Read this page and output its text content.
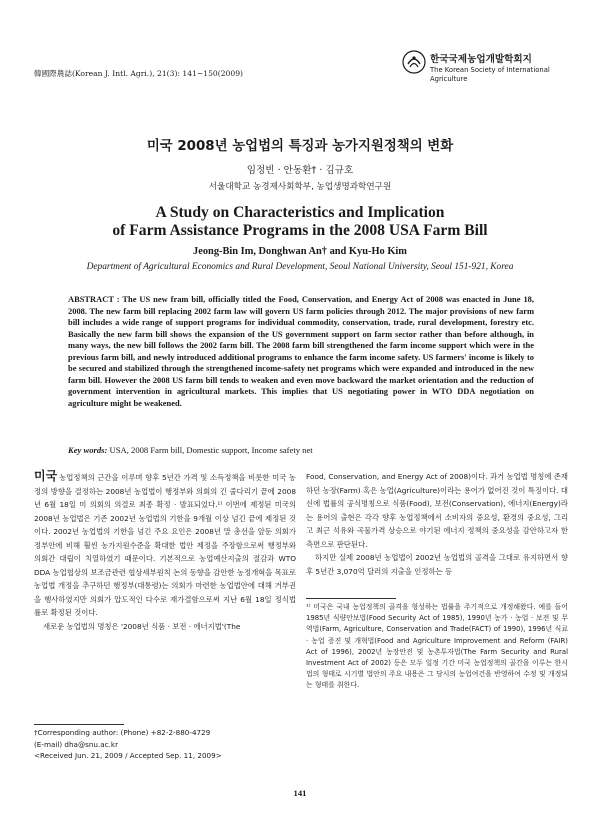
韓國際農誌(Korean J. Intl. Agri.), 21(3): 141~150(2009)
한국국제농업개발학회지
The Korean Society of International Agriculture
미국 2008년 농업법의 특징과 농가지원정책의 변화
임정빈 · 안동환† · 김규호
서울대학교 농경제사회학부, 농업생명과학연구원
A Study on Characteristics and Implication
of Farm Assistance Programs in the 2008 USA Farm Bill
Jeong-Bin Im, Donghwan An† and Kyu-Ho Kim
Department of Agricultural Economics and Rural Development, Seoul National University, Seoul 151-921, Korea
ABSTRACT : The US new fram bill, officially titled the Food, Conservation, and Energy Act of 2008 was enacted in June 18, 2008. The new farm bill replacing 2002 farm law will govern US farm policies through 2012. The major provisions of new farm bill includes a wide range of support programs for individual commodity, conservation, trade, rural development, forestry etc. Basically the new farm bill shows the expansion of the US government support on farm sector rather than before although, in many ways, the new bill follows the 2002 farm bill. The 2008 farm bill strengthened the farm income support which were in the previous farm bill, and newly introduced additional programs to enhance the farm income safety. US farmers' income is likely to be secured and stabilized through the strengthened income-safety net programs which were expanded and introduced in the new farm bill. However the 2008 US farm bill tends to weaken and even move backward the market orientation and the reduction of government intervention in agricultural markets. This implies that US negotiating power in WTO DDA negotiation on agriculture might be weakened.
Key words: USA, 2008 Farm bill, Domestic support, Income safety net

미국 농업정책의 근간을 이루며 향후 5년간 가격 및 소득정책을 비롯한 미국 농정의 방향을 결정하는 2008년 농업법이 행정부와 의회의 긴 줄다리기 끝에 2008년 6월 18일 미 의회의 의결로 최종 확정 · 발표되었다.¹⁾ 이번에 제정된 미국의 2008년 농업법은 기존 2002년 농업법의 기한을 9개월 이상 넘긴 끝에 제정된 것이다. 2002년 농업법의 기한을 넘긴 주요 요인은 2008년 말 총선을 앞둔 의회가 정부안에 비해 훨씬 농가지원수준을 확대한 법안 제정을 주장함으로써 행정부와 의회간 대립이 치열하였기 때문이다. 기본적으로 농업예산지출의 절감과 WTO DDA 농업협상의 보조금관련 협상세부원칙 논의 동향을 감안한 농정개혁을 목표로 농업법 개정을 추구하던 행정부(대통령)는 의회가 마련한 농업법안에 대해 거부권을 행사하였지만 의회가 압도적인 다수로 재가결함으로써 지난 6월 18일 정식법률로 확정된 것이다.

새로운 농업법의 명칭은 '2008년 식품 · 보전 · 에너지법'(The

Food, Conservation, and Energy Act of 2008)이다. 과거 농업법 명칭에 존재하던 농장(Farm) 혹은 농업(Agriculture)이라는 용어가 없어진 것이 특징이다. 대신에 법률의 공식명칭으로 식품(Food), 보전(Conservation), 에너지(Energy)라는 용어의 출현은 각각 향후 농업정책에서 소비자의 중요성, 환경의 중요성, 그리고 최근 석유와 곡물가격 상승으로 야기된 에너지 정책의 중요성을 감안하고자 한 측면으로 판단된다.

하지만 실제 2008년 농업법이 2002년 농업법의 골격을 그대로 유지하면서 향후 5년간 3,070억 달러의 지출을 인정하는 등

†Corresponding author: (Phone) +82-2-880-4729
(E-mail) dha@snu.ac.kr
<Received Jun. 21, 2009 / Accepted Sep. 11, 2009>
¹⁾ 미국은 국내 농업정책의 골격을 형성하는 법률을 주기적으로 개정해왔다. 예를 들어 1985년 식량안보법(Food Security Act of 1985), 1990년 농가 · 농업 · 보전 및 무역법(Farm, Agriculture, Conservation and Trade(FACT) of 1990), 1996년 식료 · 농업 증진 및 개혁법(Food and Agriculture Improvement and Reform (FAIR) Act of 1996), 2002년 농장안전 및 농촌투자법(The Farm Security and Rural Investment Act of 2002) 등은 모두 일정 기간 미국 농업정책의 골간을 이루는 한시법의 형태로 시기별 법안의 주요 내용은 그 당시의 농업여건을 반영하여 수정 및 개정되는 형태를 취한다.
141
